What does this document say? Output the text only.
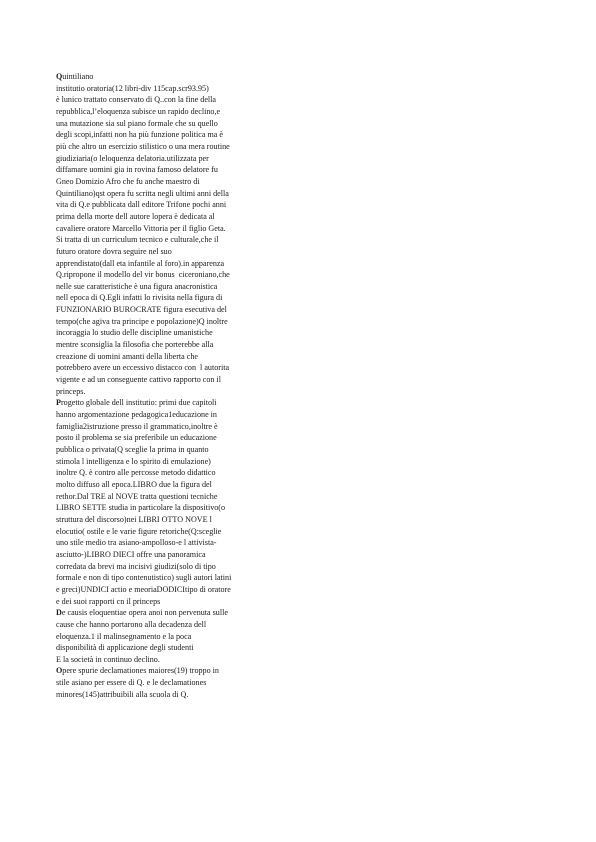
Quintiliano
institutio oratoria(12 libri-div 115cap.scr93.95)
è lunico trattato conservato di Q..con la fine della
repubblica,l’eloquenza subisce un rapido declino,e
una mutazione sia sul piano formale che su quello
degli scopi,infatti non ha più funzione politica ma è
più che altro un esercizio stilistico o una mera routine
giudiziaria(o leloquenza delatoria.utilizzata per
diffamare uomini gia in rovina famoso delatore fu
Gneo Domizio Afro che fu anche maestro di
Quintiliano)qst opera fu scritta negli ultimi anni della
vita di Q.e pubblicata dall editore Trifone pochi anni
prima della morte dell autore lopera è dedicata al
cavaliere oratore Marcello Vittoria per il figlio Geta.
Si tratta di un curriculum tecnico e culturale,che il
futuro oratore dovra seguire nel suo
apprendistato(dall eta infantile al foro).in apparenza
Q.ripropone il modello del vir bonus  ciceroniano,che
nelle sue caratteristiche è una figura anacronistica
nell epoca di Q.Egli infatti lo rivisita nella figura di
FUNZIONARIO BUROCRATE figura esecutiva del
tempo(che agiva tra principe e popolazione)Q inoltre
incoraggia lo studio delle discipline umanistiche
mentre sconsiglia la filosofia che porterebbe alla
creazione di uomini amanti della liberta che
potrebbero avere un eccessivo distacco con  l autorita
vigente e ad un conseguente cattivo rapporto con il
princeps.
Progetto globale dell institutio: primi due capitoli
hanno argomentazione pedagogica1educazione in
famiglia2istruzione presso il grammatico,inoltre è
posto il problema se sia preferibile un educazione
pubblica o privata(Q sceglie la prima in quanto
stimola l intelligenza e lo spirito di emulazione)
inoltre Q. è contro alle percosse metodo didattico
molto diffuso all epoca.LIBRO due la figura del
rethor.Dal TRE al NOVE tratta questioni tecniche
LIBRO SETTE studia in particolare la dispositivo(o
struttura del discorso)nei LIBRI OTTO NOVE l
elocutio( ostile e le varie figure retoriche(Q:sceglie
uno stile medio tra asiano-ampolloso-e l attivista-
asciutto-)LIBRO DIECI offre una panoramica
corredata da brevi ma incisivi giudizi(solo di tipo
formale e non di tipo contenutistico) sugli autori latini
e greci)UNDICI actio e meoriaDODICItipo di oratore
e dei suoi rapporti cn il princeps
De causis eloquentiae opera anoi non pervenuta sulle
cause che hanno portarono alla decadenza dell
eloquenza.1 il malinsegnamento e la poca
disponibilità di applicazione degli studenti
E la società in continuo declino.
Opere spurie declamationes maiores(19) troppo in
stile asiano per essere di Q. e le declamationes
minores(145)attribuibili alla scuola di Q.
